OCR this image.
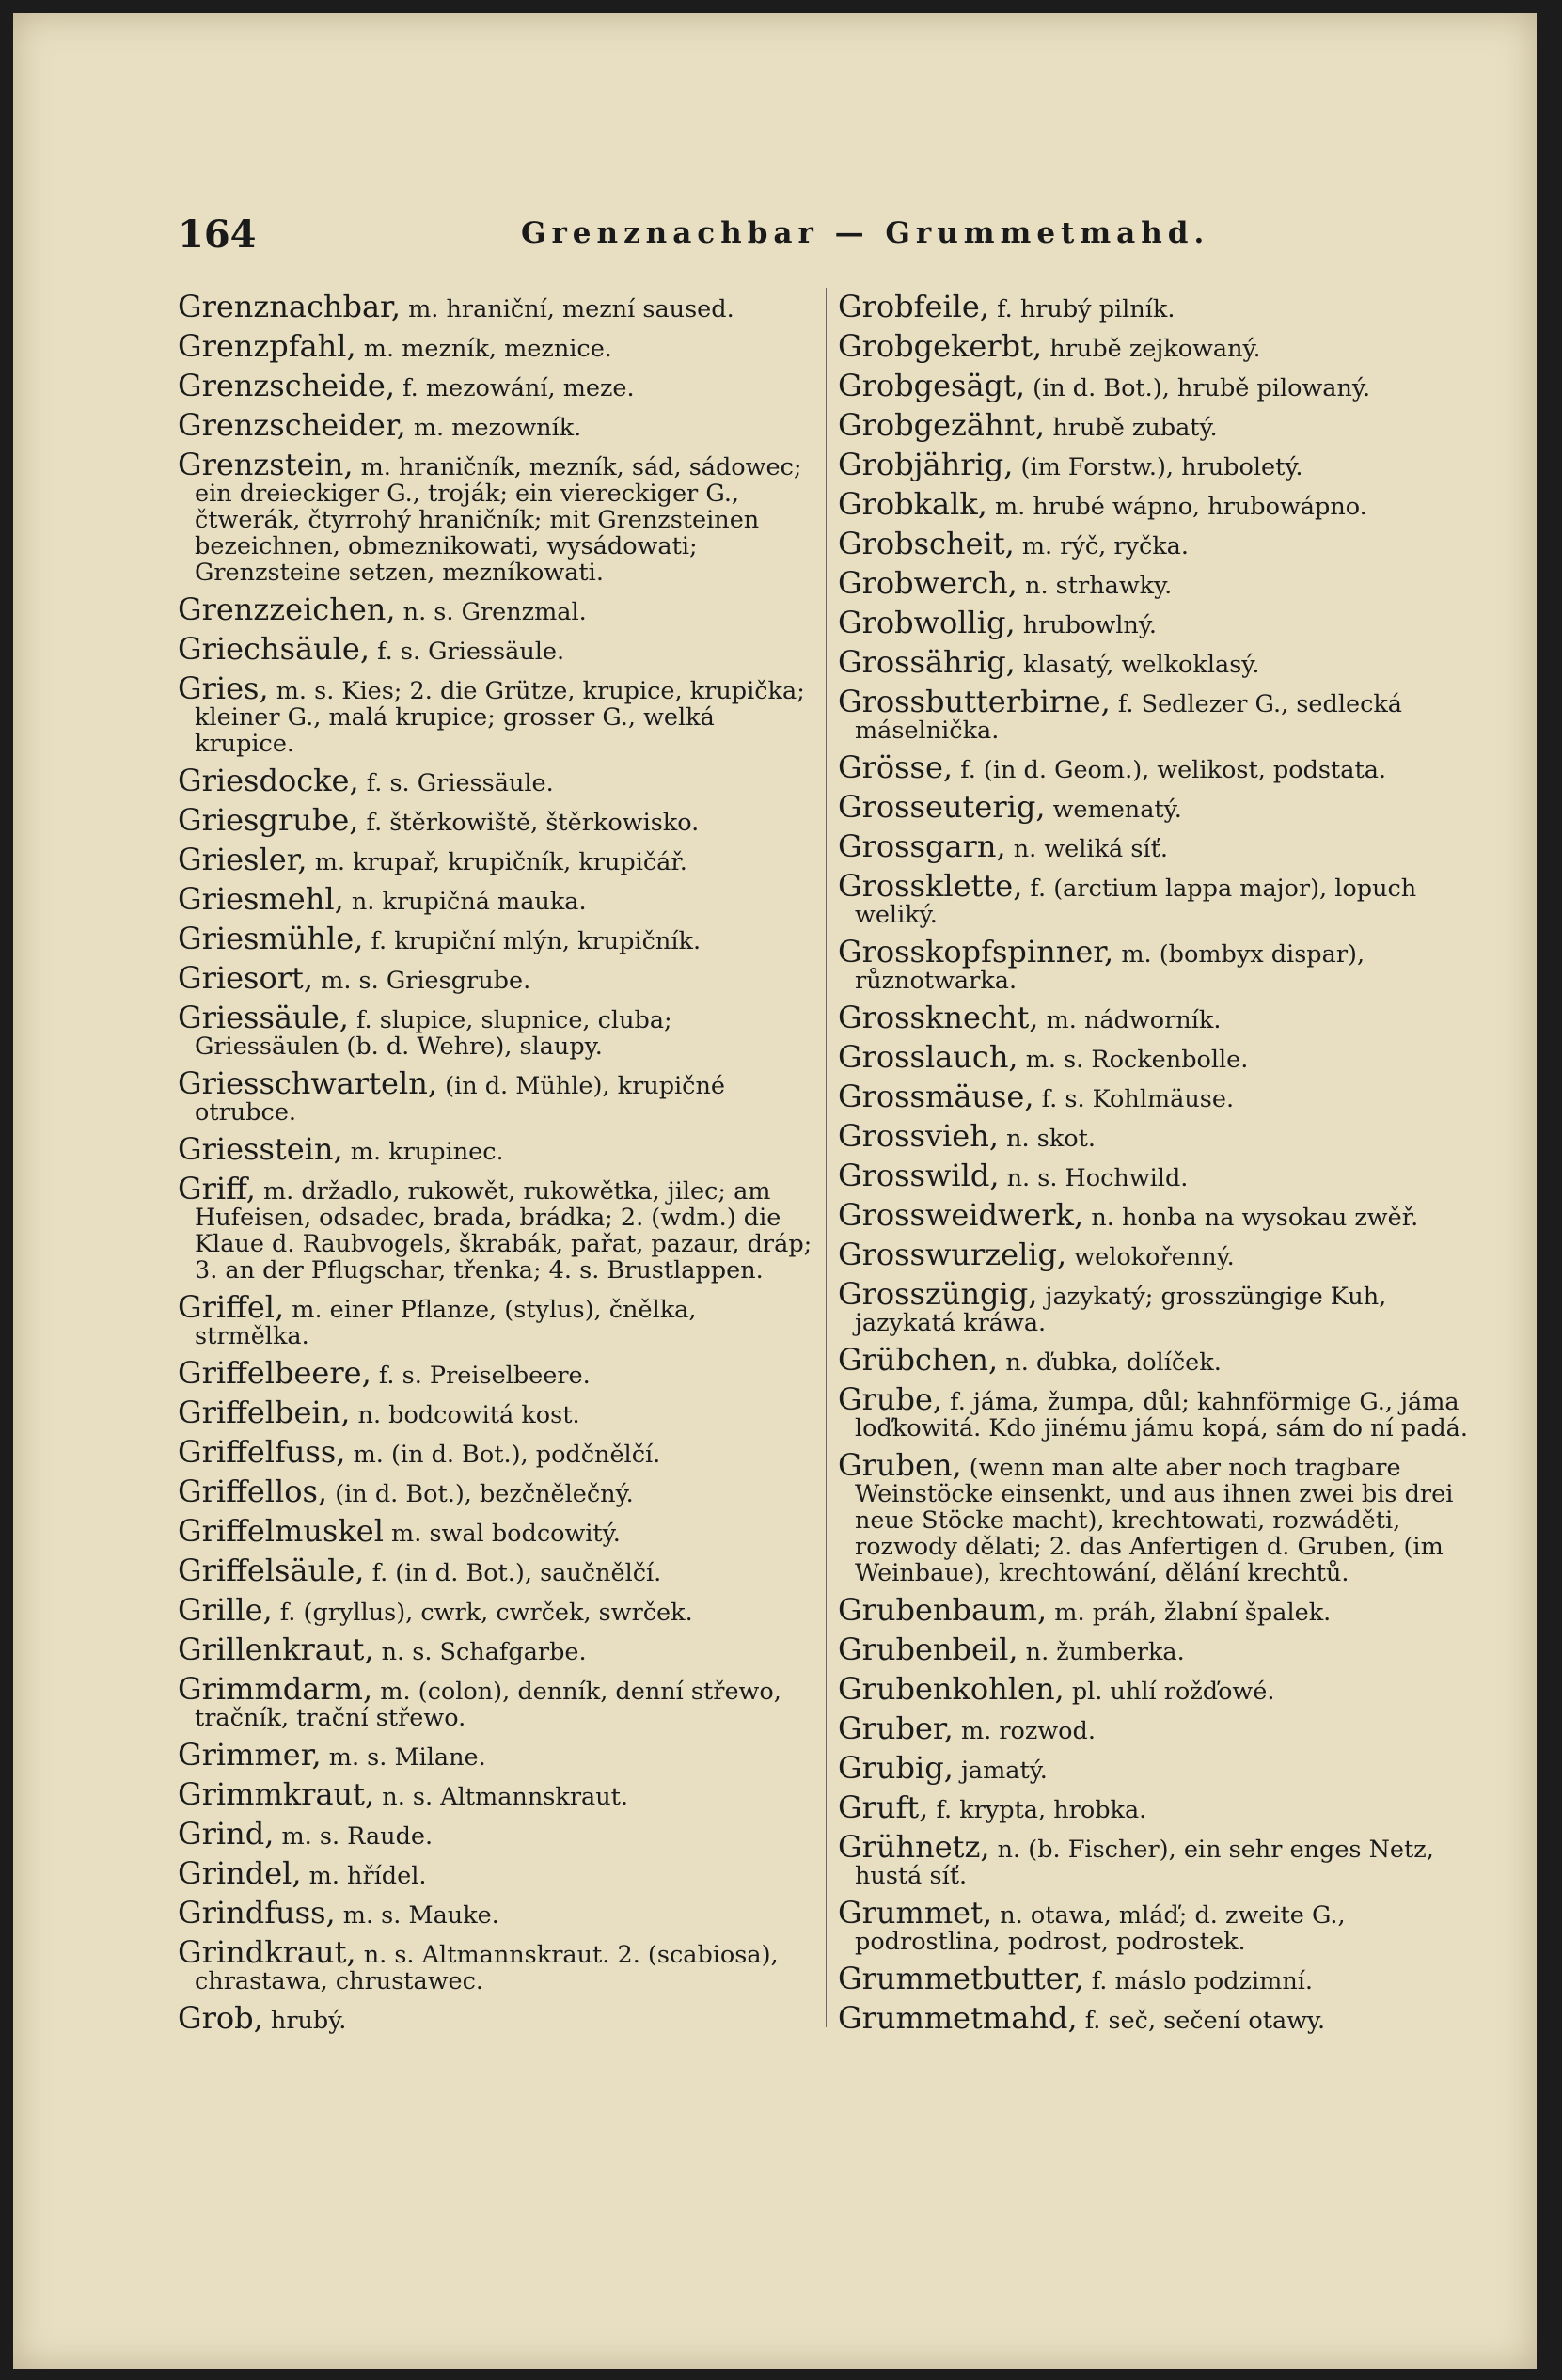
164	Grenznachbar — Grummetmahd.
Grenznachbar, m. hraniční, mezní saused.
Grenzpfahl, m. mezník, meznice.
Grenzscheide, f. mezowání, meze.
Grenzscheider, m. mezowník.
Grenzstein, m. hraničník, mezník, sád, sádowec; ein dreieckiger G., troják; ein viereckiger G., čtwerák, čtyrrohý hraničník; mit Grenzsteinen bezeichnen, obmeznikowati, wysádowati; Grenzsteine setzen, mezníkowati.
Grenzzeichen, n. s. Grenzmal.
Griechsäule, f. s. Griessäule.
Gries, m. s. Kies; 2. die Grütze, krupice, krupička; kleiner G., malá krupice; grosser G., welká krupice.
Griesdocke, f. s. Griessäule.
Griesgrube, f. štěrkowiště, štěrkowisko.
Griesler, m. krupař, krupičník, krupičář.
Griesmehl, n. krupičná mauka.
Griesmühle, f. krupiční mlýn, krupičník.
Griesort, m. s. Griesgrube.
Griessäule, f. slupice, slupnice, cluba; Griessäulen (b. d. Wehre), slaupy.
Griesschwarteln, (in d. Mühle), krupičné otrubce.
Griesstein, m. krupinec.
Griff, m. držadlo, rukowět, rukowětka, jilec; am Hufeisen, odsadec, brada, brádka; 2. (wdm.) die Klaue d. Raubvogels, škrabák, pařat, pazaur, dráp; 3. an der Pflugschar, třenka; 4. s. Brustlappen.
Griffel, m. einer Pflanze, (stylus), čnělka, strmělka.
Griffelbeere, f. s. Preiselbeere.
Griffelbein, n. bodcowitá kost.
Griffelfuss, m. (in d. Bot.), podčnělčí.
Griffellos, (in d. Bot.), bezčnělečný.
Griffelmuskel m. swal bodcowitý.
Griffelsäule, f. (in d. Bot.), saučnělčí.
Grille, f. (gryllus), cwrk, cwrček, swrček.
Grillenkraut, n. s. Schafgarbe.
Grimmdarm, m. (colon), denník, denní střewo, tračník, trační střewo.
Grimmer, m. s. Milane.
Grimmkraut, n. s. Altmannskraut.
Grind, m. s. Raude.
Grindel, m. hřídel.
Grindfuss, m. s. Mauke.
Grindkraut, n. s. Altmannskraut. 2. (scabiosa), chrastawa, chrustawec.
Grob, hrubý.
Grobfeile, f. hrubý pilník.
Grobgekerbt, hrubě zejkowaný.
Grobgesägt, (in d. Bot.), hrubě pilowaný.
Grobgezähnt, hrubě zubatý.
Grobjährig, (im Forstw.), hruboletý.
Grobkalk, m. hrubé wápno, hrubowápno.
Grobscheit, m. rýč, ryčka.
Grobwerch, n. strhawky.
Grobwollig, hrubowlný.
Grossährig, klasatý, welkoklasý.
Grossbutterbirne, f. Sedlezer G., sedlecká máselnička.
Grösse, f. (in d. Geom.), welikost, podstata.
Grosseuterig, wemenatý.
Grossgarn, n. weliká síť.
Grossklette, f. (arctium lappa major), lopuch weliký.
Grosskopfspinner, m. (bombyx dispar), různotwarka.
Grossknecht, m. nádworník.
Grosslauch, m. s. Rockenbolle.
Grossmäuse, f. s. Kohlmäuse.
Grossvieh, n. skot.
Grosswild, n. s. Hochwild.
Grossweidwerk, n. honba na wysokau zwěř.
Grosswurzelig, welokořenný.
Grosszüngig, jazykatý; grosszüngige Kuh, jazykatá kráwa.
Grübchen, n. ďubka, dolíček.
Grube, f. jáma, žumpa, důl; kahnförmige G., jáma loďkowitá. Kdo jinému jámu kopá, sám do ní padá.
Gruben, (wenn man alte aber noch tragbare Weinstöcke einsenkt, und aus ihnen zwei bis drei neue Stöcke macht), krechtowati, rozwáděti, rozwody dělati; 2. das Anfertigen d. Gruben, (im Weinbaue), krechtowání, dělání krechtů.
Grubenbaum, m. práh, žlabní špalek.
Grubenbeil, n. žumberka.
Grubenkohlen, pl. uhlí rožďowé.
Gruber, m. rozwod.
Grubig, jamatý.
Gruft, f. krypta, hrobka.
Grühnetz, n. (b. Fischer), ein sehr enges Netz, hustá síť.
Grummet, n. otawa, mláď; d. zweite G., podrostlina, podrost, podrostek.
Grummetbutter, f. máslo podzimní.
Grummetmahd, f. seč, sečení otawy.
